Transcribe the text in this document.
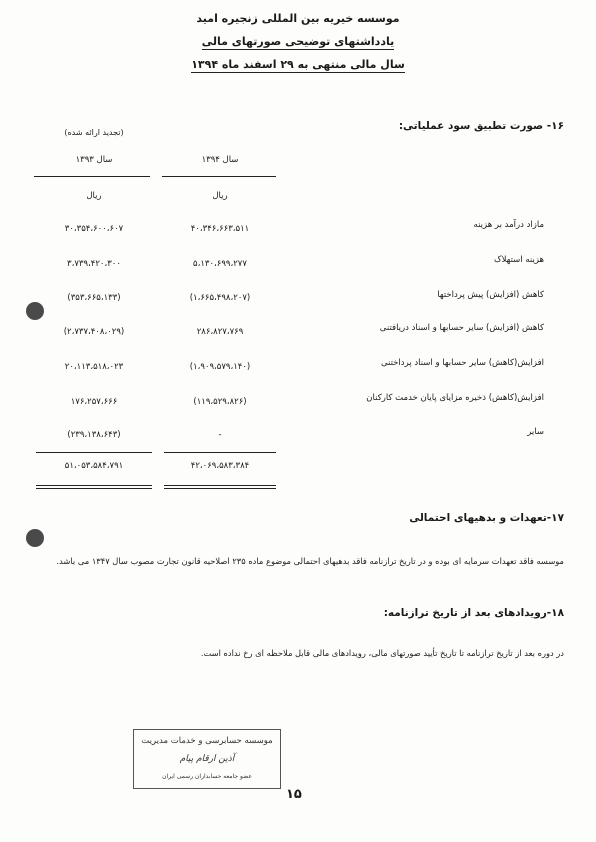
موسسه خیریه بین المللی زنجیره امید
یادداشتهای توضیحی صورتهای مالی
سال مالی منتهی به ۲۹ اسفند ماه ۱۳۹۴
۱۶- صورت تطبیق سود عملیاتی:
(تجدید ارائه شده)
سال ۱۳۹۴
سال ۱۳۹۳
ریال
ریال
مازاد درآمد بر هزینه
۴۰،۳۴۶،۶۶۳،۵۱۱
۳۰،۳۵۴،۶۰۰،۶۰۷
هزینه استهلاک
۵،۱۳۰،۶۹۹،۲۷۷
۳،۷۳۹،۴۲۰،۳۰۰
کاهش (افزایش) پیش پرداختها
(۱،۶۶۵،۴۹۸،۲۰۷)
(۳۵۳،۶۶۵،۱۳۳)
کاهش (افزایش) سایر حسابها و اسناد دریافتنی
۲۸۶،۸۲۷،۷۶۹
(۲،۷۳۷،۴۰۸،۰۲۹)
افزایش(کاهش) سایر حسابها و اسناد پرداختنی
(۱،۹۰۹،۵۷۹،۱۴۰)
۲۰،۱۱۳،۵۱۸،۰۲۳
افزایش(کاهش) ذخیره مزایای پایان خدمت کارکنان
(۱۱۹،۵۲۹،۸۲۶)
۱۷۶،۲۵۷،۶۶۶
سایر
-
(۲۳۹،۱۳۸،۶۴۳)
۴۲،۰۶۹،۵۸۳،۳۸۴
۵۱،۰۵۳،۵۸۴،۷۹۱
۱۷-تعهدات و بدهیهای احتمالی
موسسه فاقد تعهدات سرمایه ای بوده و در تاریخ ترازنامه فاقد بدهیهای احتمالی موضوع ماده ۲۳۵ اصلاحیه قانون تجارت مصوب سال ۱۳۴۷ می باشد.
۱۸-رویدادهای بعد از تاریخ ترازنامه:
در دوره بعد از تاریخ ترازنامه تا تاریخ تأیید صورتهای مالی، رویدادهای مالی قابل ملاحظه ای رخ نداده است.
موسسه حسابرسی و خدمات مدیریت
آذین ارقام پیام
عضو جامعه حسابداران رسمی ایران
۱۵
